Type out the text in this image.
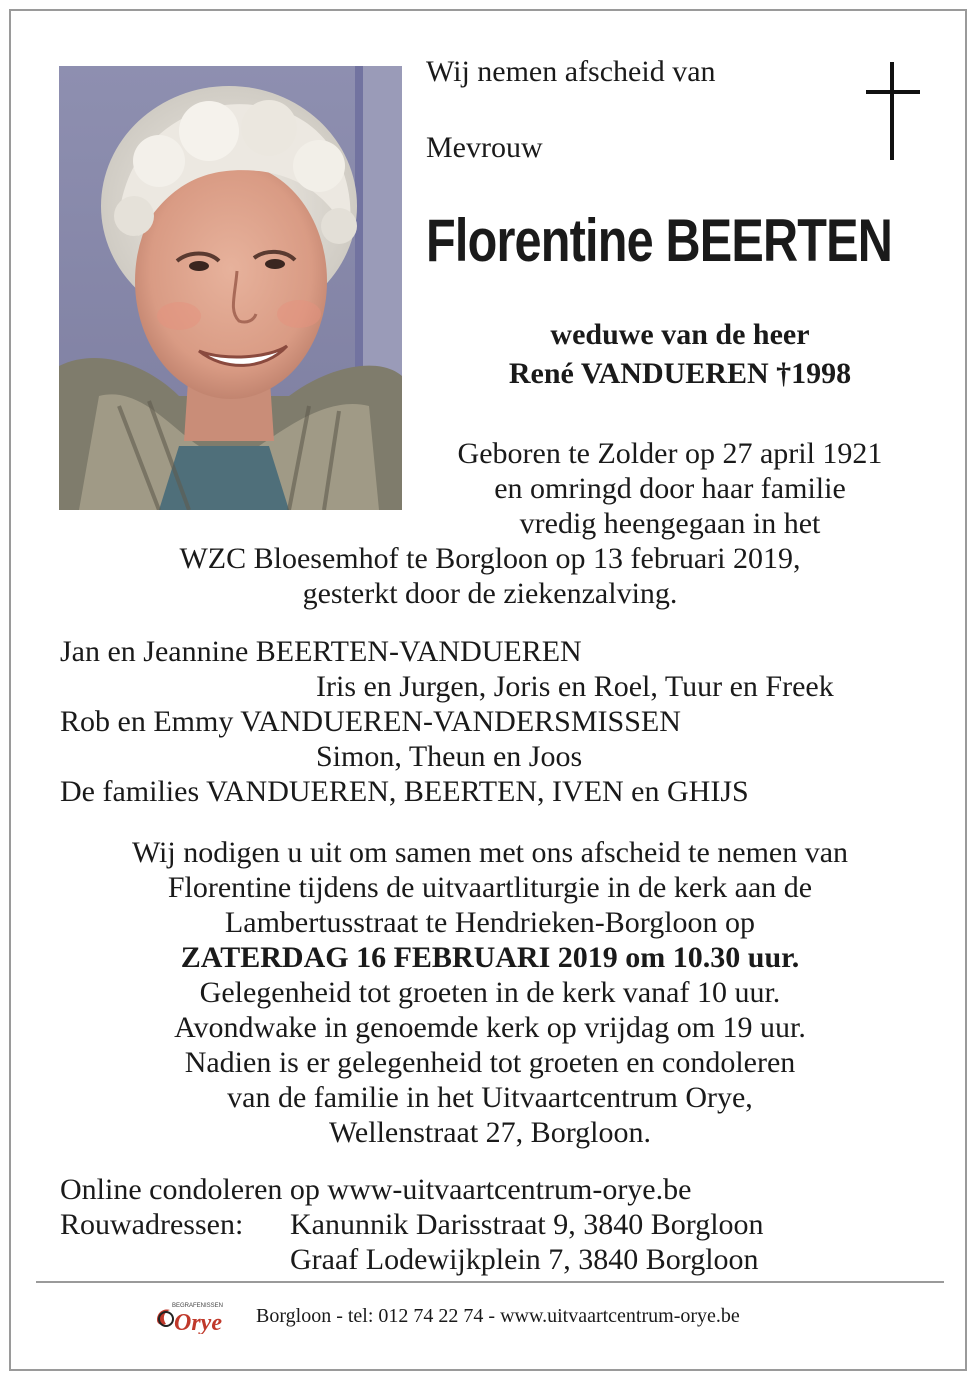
Wij nemen afscheid van
Mevrouw
Florentine BEERTEN
weduwe van de heer
René VANDUEREN †1998
Geboren te Zolder op 27 april 1921
en omringd door haar familie
vredig heengegaan in het
WZC Bloesemhof te Borgloon op 13 februari 2019,
gesterkt door de ziekenzalving.
Jan en Jeannine BEERTEN-VANDUEREN
Iris en Jurgen, Joris en Roel, Tuur en Freek
Rob en Emmy VANDUEREN-VANDERSMISSEN
Simon, Theun en Joos
De families VANDUEREN, BEERTEN, IVEN en GHIJS
Wij nodigen u uit om samen met ons afscheid te nemen van
Florentine tijdens de uitvaartliturgie in de kerk aan de
Lambertusstraat te Hendrieken-Borgloon op
ZATERDAG 16 FEBRUARI 2019 om 10.30 uur.
Gelegenheid tot groeten in de kerk vanaf 10 uur.
Avondwake in genoemde kerk op vrijdag om 19 uur.
Nadien is er gelegenheid tot groeten en condoleren
van de familie in het Uitvaartcentrum Orye,
Wellenstraat 27, Borgloon.
Online condoleren op www-uitvaartcentrum-orye.be
Rouwadressen: Kanunnik Darisstraat 9, 3840 Borgloon
Graaf Lodewijkplein 7, 3840 Borgloon
BEGRAFENISSEN
Orye Borgloon - tel: 012 74 22 74 - www.uitvaartcentrum-orye.be
